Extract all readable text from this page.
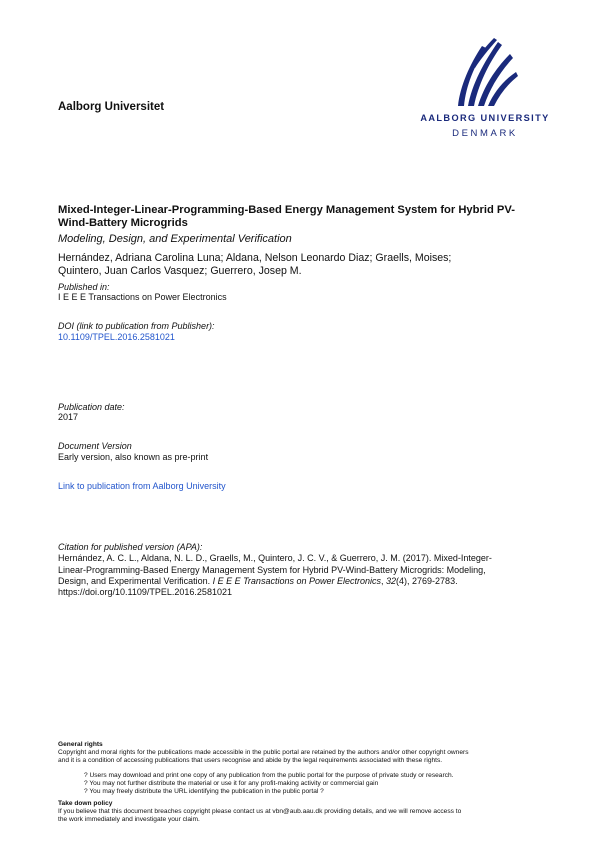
Aalborg Universitet
AALBORG UNIVERSITY
DENMARK
Mixed-Integer-Linear-Programming-Based Energy Management System for Hybrid PV-
Wind-Battery Microgrids
Modeling, Design, and Experimental Verification
Hernández, Adriana Carolina Luna; Aldana, Nelson Leonardo Diaz; Graells, Moises;
Quintero, Juan Carlos Vasquez; Guerrero, Josep M.
Published in:
I E E E Transactions on Power Electronics
DOI (link to publication from Publisher):
10.1109/TPEL.2016.2581021
Publication date:
2017
Document Version
Early version, also known as pre-print
Link to publication from Aalborg University
Citation for published version (APA):
Hernández, A. C. L., Aldana, N. L. D., Graells, M., Quintero, J. C. V., & Guerrero, J. M. (2017). Mixed-Integer-
Linear-Programming-Based Energy Management System for Hybrid PV-Wind-Battery Microgrids: Modeling,
Design, and Experimental Verification. I E E E Transactions on Power Electronics, 32(4), 2769-2783.
https://doi.org/10.1109/TPEL.2016.2581021
General rights
Copyright and moral rights for the publications made accessible in the public portal are retained by the authors and/or other copyright owners
and it is a condition of accessing publications that users recognise and abide by the legal requirements associated with these rights.
? Users may download and print one copy of any publication from the public portal for the purpose of private study or research.
? You may not further distribute the material or use it for any profit-making activity or commercial gain
? You may freely distribute the URL identifying the publication in the public portal ?
Take down policy
If you believe that this document breaches copyright please contact us at vbn@aub.aau.dk providing details, and we will remove access to
the work immediately and investigate your claim.
